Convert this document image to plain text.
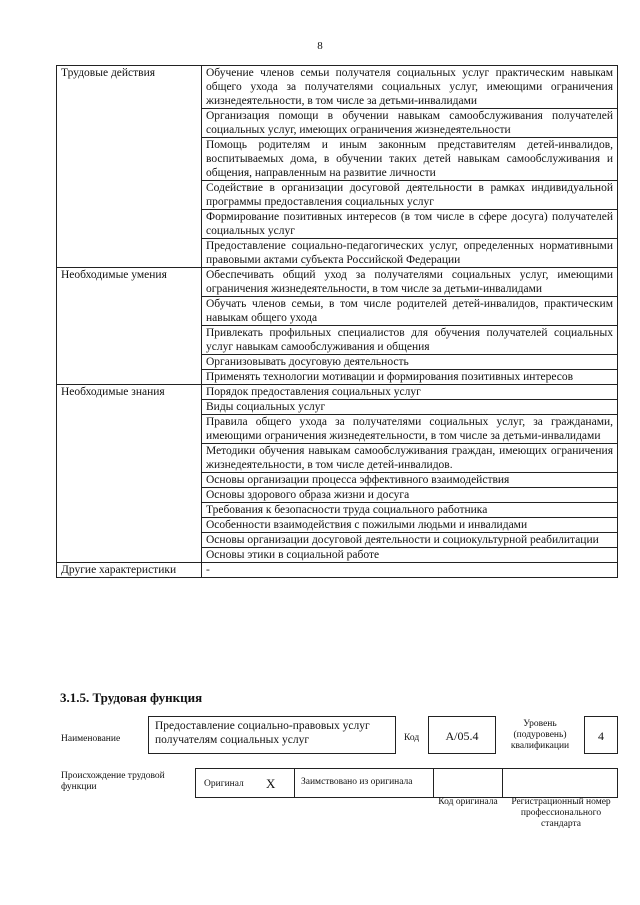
8
Трудовые действия	Обучение членов семьи получателя социальных услуг практическим навыкам общего ухода за получателями социальных услуг, имеющими ограничения жизнедеятельности, в том числе за детьми-инвалидами
	Организация помощи в обучении навыкам самообслуживания получателей социальных услуг, имеющих ограничения жизнедеятельности
	Помощь родителям и иным законным представителям детей-инвалидов, воспитываемых дома, в обучении таких детей навыкам самообслуживания и общения, направленным на развитие личности
	Содействие в организации досуговой деятельности в рамках индивидуальной программы предоставления социальных услуг
	Формирование позитивных интересов (в том числе в сфере досуга) получателей социальных услуг
	Предоставление социально-педагогических услуг, определенных нормативными правовыми актами субъекта Российской Федерации
Необходимые умения	Обеспечивать общий уход за получателями социальных услуг, имеющими ограничения жизнедеятельности, в том числе за детьми-инвалидами
	Обучать членов семьи, в том числе родителей детей-инвалидов, практическим навыкам общего ухода
	Привлекать профильных специалистов для обучения получателей социальных услуг навыкам самообслуживания и общения
	Организовывать досуговую деятельность
	Применять технологии мотивации и формирования позитивных интересов
Необходимые знания	Порядок предоставления социальных услуг
	Виды социальных услуг
	Правила общего ухода за получателями социальных услуг, за гражданами, имеющими ограничения жизнедеятельности, в том числе за детьми-инвалидами
	Методики обучения навыкам самообслуживания граждан, имеющих ограничения жизнедеятельности, в том числе детей-инвалидов.
	Основы организации процесса эффективного взаимодействия
	Основы здорового образа жизни и досуга
	Требования к безопасности труда социального работника
	Особенности взаимодействия с пожилыми людьми и инвалидами
	Основы организации досуговой деятельности и социокультурной реабилитации
	Основы этики в социальной работе
Другие характеристики	-
3.1.5. Трудовая функция
Наименование
Предоставление социально-правовых услуг получателям социальных услуг	Код	А/05.4
Уровень (подуровень) квалификации
4
Происхождение трудовой функции	Оригинал X	Заимствовано из оригинала
Код оригинала	Регистрационный номер профессионального стандарта
